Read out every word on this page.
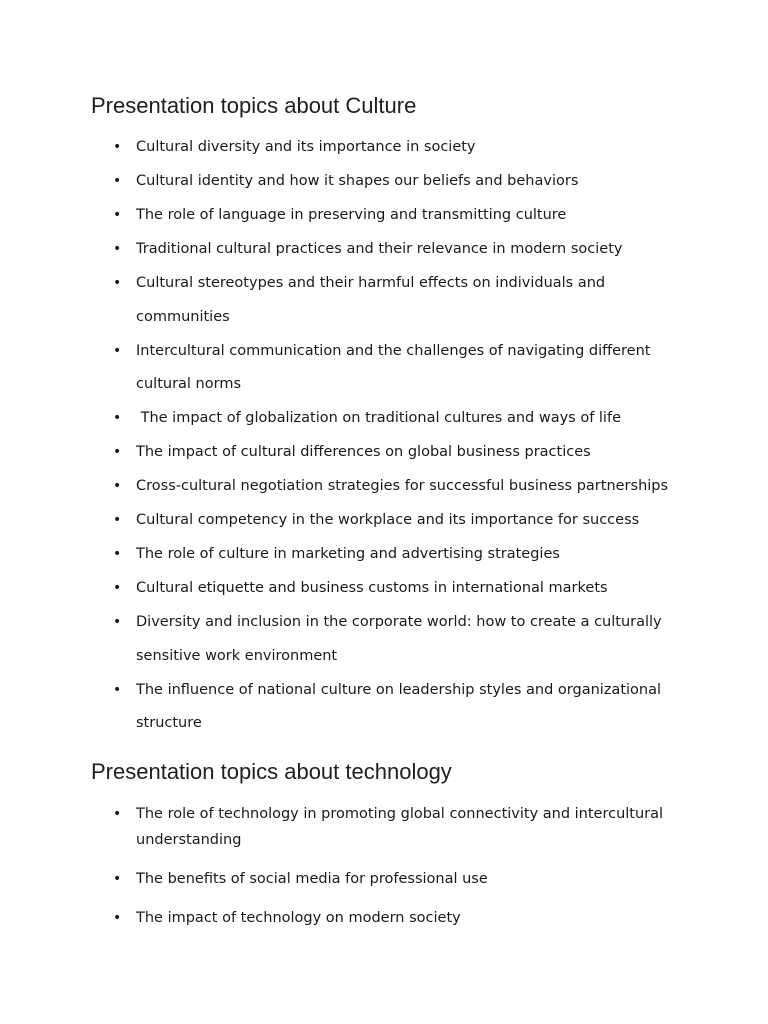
Presentation topics about Culture
• Cultural diversity and its importance in society
• Cultural identity and how it shapes our beliefs and behaviors
• The role of language in preserving and transmitting culture
• Traditional cultural practices and their relevance in modern society
• Cultural stereotypes and their harmful effects on individuals and communities
• Intercultural communication and the challenges of navigating different cultural norms
• The impact of globalization on traditional cultures and ways of life
• The impact of cultural differences on global business practices
• Cross-cultural negotiation strategies for successful business partnerships
• Cultural competency in the workplace and its importance for success
• The role of culture in marketing and advertising strategies
• Cultural etiquette and business customs in international markets
• Diversity and inclusion in the corporate world: how to create a culturally sensitive work environment
• The influence of national culture on leadership styles and organizational structure
Presentation topics about technology
• The role of technology in promoting global connectivity and intercultural understanding
• The benefits of social media for professional use
• The impact of technology on modern society
